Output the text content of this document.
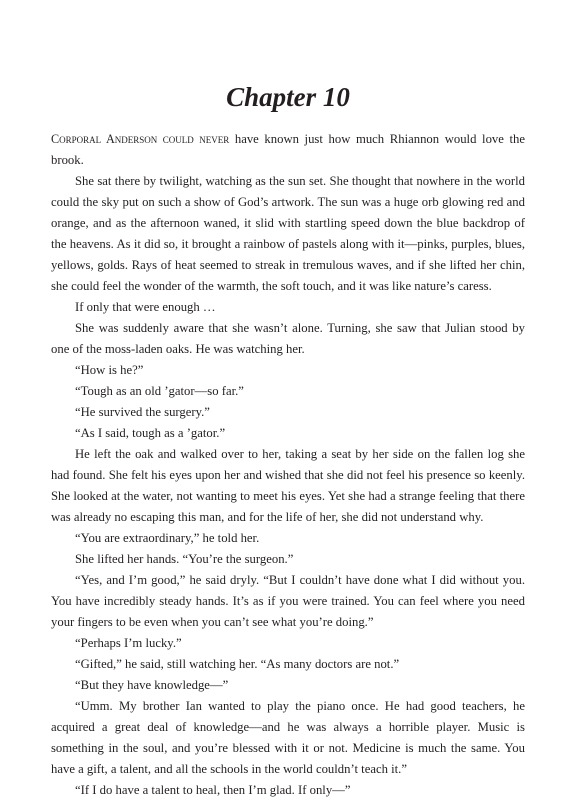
Chapter 10

Corporal Anderson could never have known just how much Rhiannon would love the brook.

She sat there by twilight, watching as the sun set. She thought that nowhere in the world could the sky put on such a show of God’s artwork. The sun was a huge orb glowing red and orange, and as the afternoon waned, it slid with startling speed down the blue backdrop of the heavens. As it did so, it brought a rainbow of pastels along with it—pinks, purples, blues, yellows, golds. Rays of heat seemed to streak in tremulous waves, and if she lifted her chin, she could feel the wonder of the warmth, the soft touch, and it was like nature’s caress.

If only that were enough …

She was suddenly aware that she wasn’t alone. Turning, she saw that Julian stood by one of the moss-laden oaks. He was watching her.

“How is he?”

“Tough as an old ’gator—so far.”

“He survived the surgery.”

“As I said, tough as a ’gator.”

He left the oak and walked over to her, taking a seat by her side on the fallen log she had found. She felt his eyes upon her and wished that she did not feel his presence so keenly. She looked at the water, not wanting to meet his eyes. Yet she had a strange feeling that there was already no escaping this man, and for the life of her, she did not understand why.

“You are extraordinary,” he told her.

She lifted her hands. “You’re the surgeon.”

“Yes, and I’m good,” he said dryly. “But I couldn’t have done what I did without you. You have incredibly steady hands. It’s as if you were trained. You can feel where you need your fingers to be even when you can’t see what you’re doing.”

“Perhaps I’m lucky.”

“Gifted,” he said, still watching her. “As many doctors are not.”

“But they have knowledge—”

“Umm. My brother Ian wanted to play the piano once. He had good teachers, he acquired a great deal of knowledge—and he was always a horrible player. Music is something in the soul, and you’re blessed with it or not. Medicine is much the same. You have a gift, a talent, and all the schools in the world couldn’t teach it.”

“If I do have a talent to heal, then I’m glad. If only—”
